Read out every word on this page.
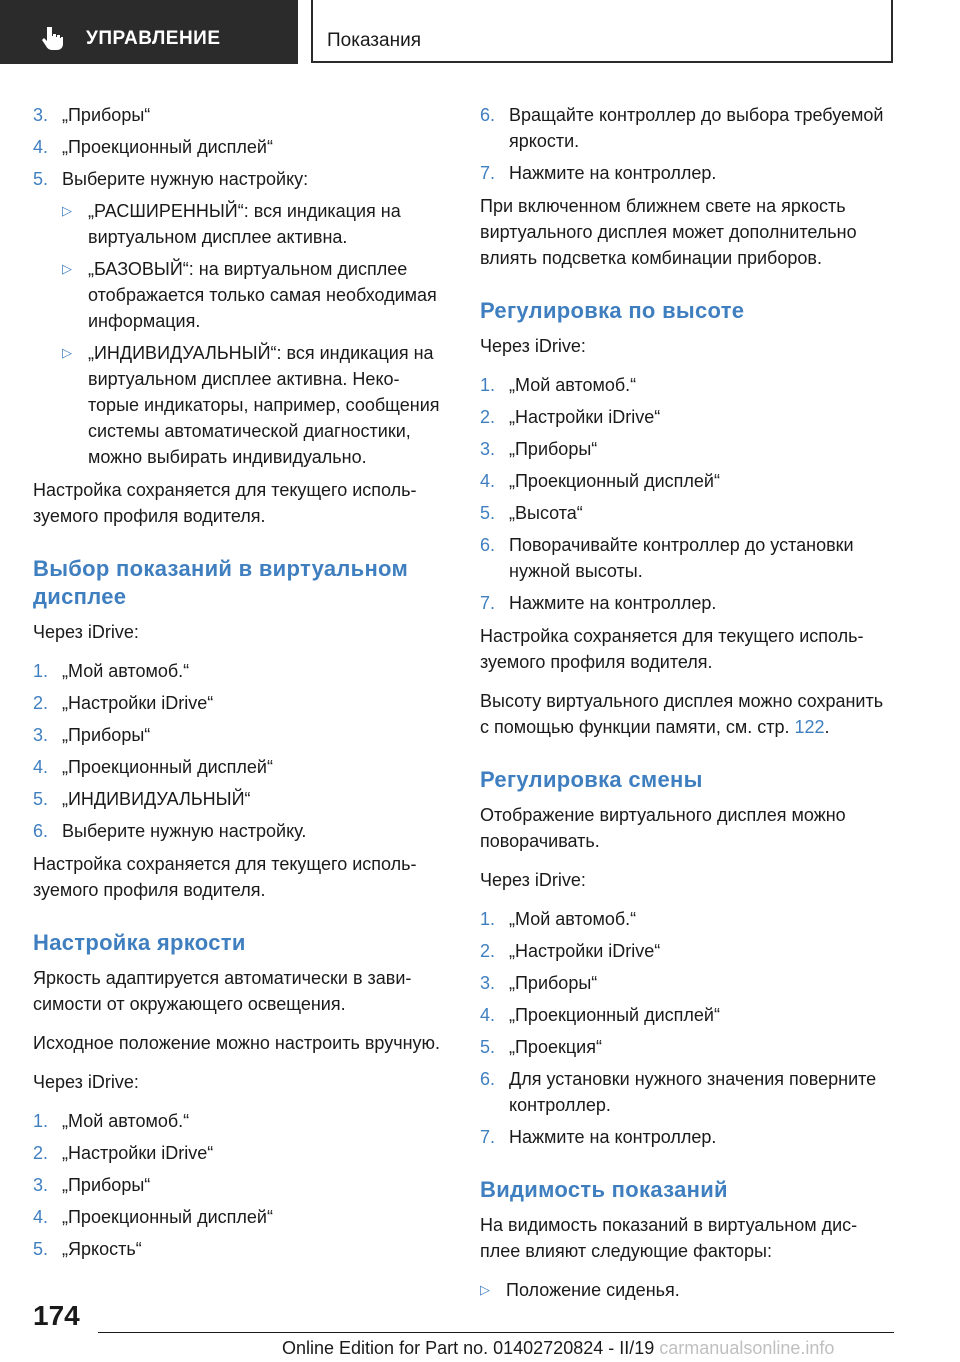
УПРАВЛЕНИЕ	Показания
3. „Приборы“
4. „Проекционный дисплей“
5. Выберите нужную настройку:
▷ „РАСШИРЕННЫЙ“: вся индикация на виртуальном дисплее активна.
▷ „БАЗОВЫЙ“: на виртуальном дисплее отображается только самая необходимая информация.
▷ „ИНДИВИДУАЛЬНЫЙ“: вся индикация на виртуальном дисплее активна. Некоторые индикаторы, например, сообщения системы автоматической диагностики, можно выбирать индивидуально.

Настройка сохраняется для текущего используемого профиля водителя.

Выбор показаний в виртуальном дисплее

Через iDrive:

1. „Мой автомоб.“
2. „Настройки iDrive“
3. „Приборы“
4. „Проекционный дисплей“
5. „ИНДИВИДУАЛЬНЫЙ“
6. Выберите нужную настройку.

Настройка сохраняется для текущего используемого профиля водителя.

Настройка яркости

Яркость адаптируется автоматически в зависимости от окружающего освещения.

Исходное положение можно настроить вручную.

Через iDrive:

1. „Мой автомоб.“
2. „Настройки iDrive“
3. „Приборы“
4. „Проекционный дисплей“
5. „Яркость“
6. Вращайте контроллер до выбора требуемой яркости.
7. Нажмите на контроллер.

При включенном ближнем свете на яркость виртуального дисплея может дополнительно влиять подсветка комбинации приборов.

Регулировка по высоте

Через iDrive:

1. „Мой автомоб.“
2. „Настройки iDrive“
3. „Приборы“
4. „Проекционный дисплей“
5. „Высота“
6. Поворачивайте контроллер до установки нужной высоты.
7. Нажмите на контроллер.

Настройка сохраняется для текущего используемого профиля водителя.

Высоту виртуального дисплея можно сохранить с помощью функции памяти, см. стр. 122.

Регулировка смены

Отображение виртуального дисплея можно поворачивать.

Через iDrive:

1. „Мой автомоб.“
2. „Настройки iDrive“
3. „Приборы“
4. „Проекционный дисплей“
5. „Проекция“
6. Для установки нужного значения поверните контроллер.
7. Нажмите на контроллер.
Видимость показаний

На видимость показаний в виртуальном дисплее влияют следующие факторы:

▷ Положение сиденья.
174
Online Edition for Part no. 01402720824 - II/19 carmanualsonline.info
